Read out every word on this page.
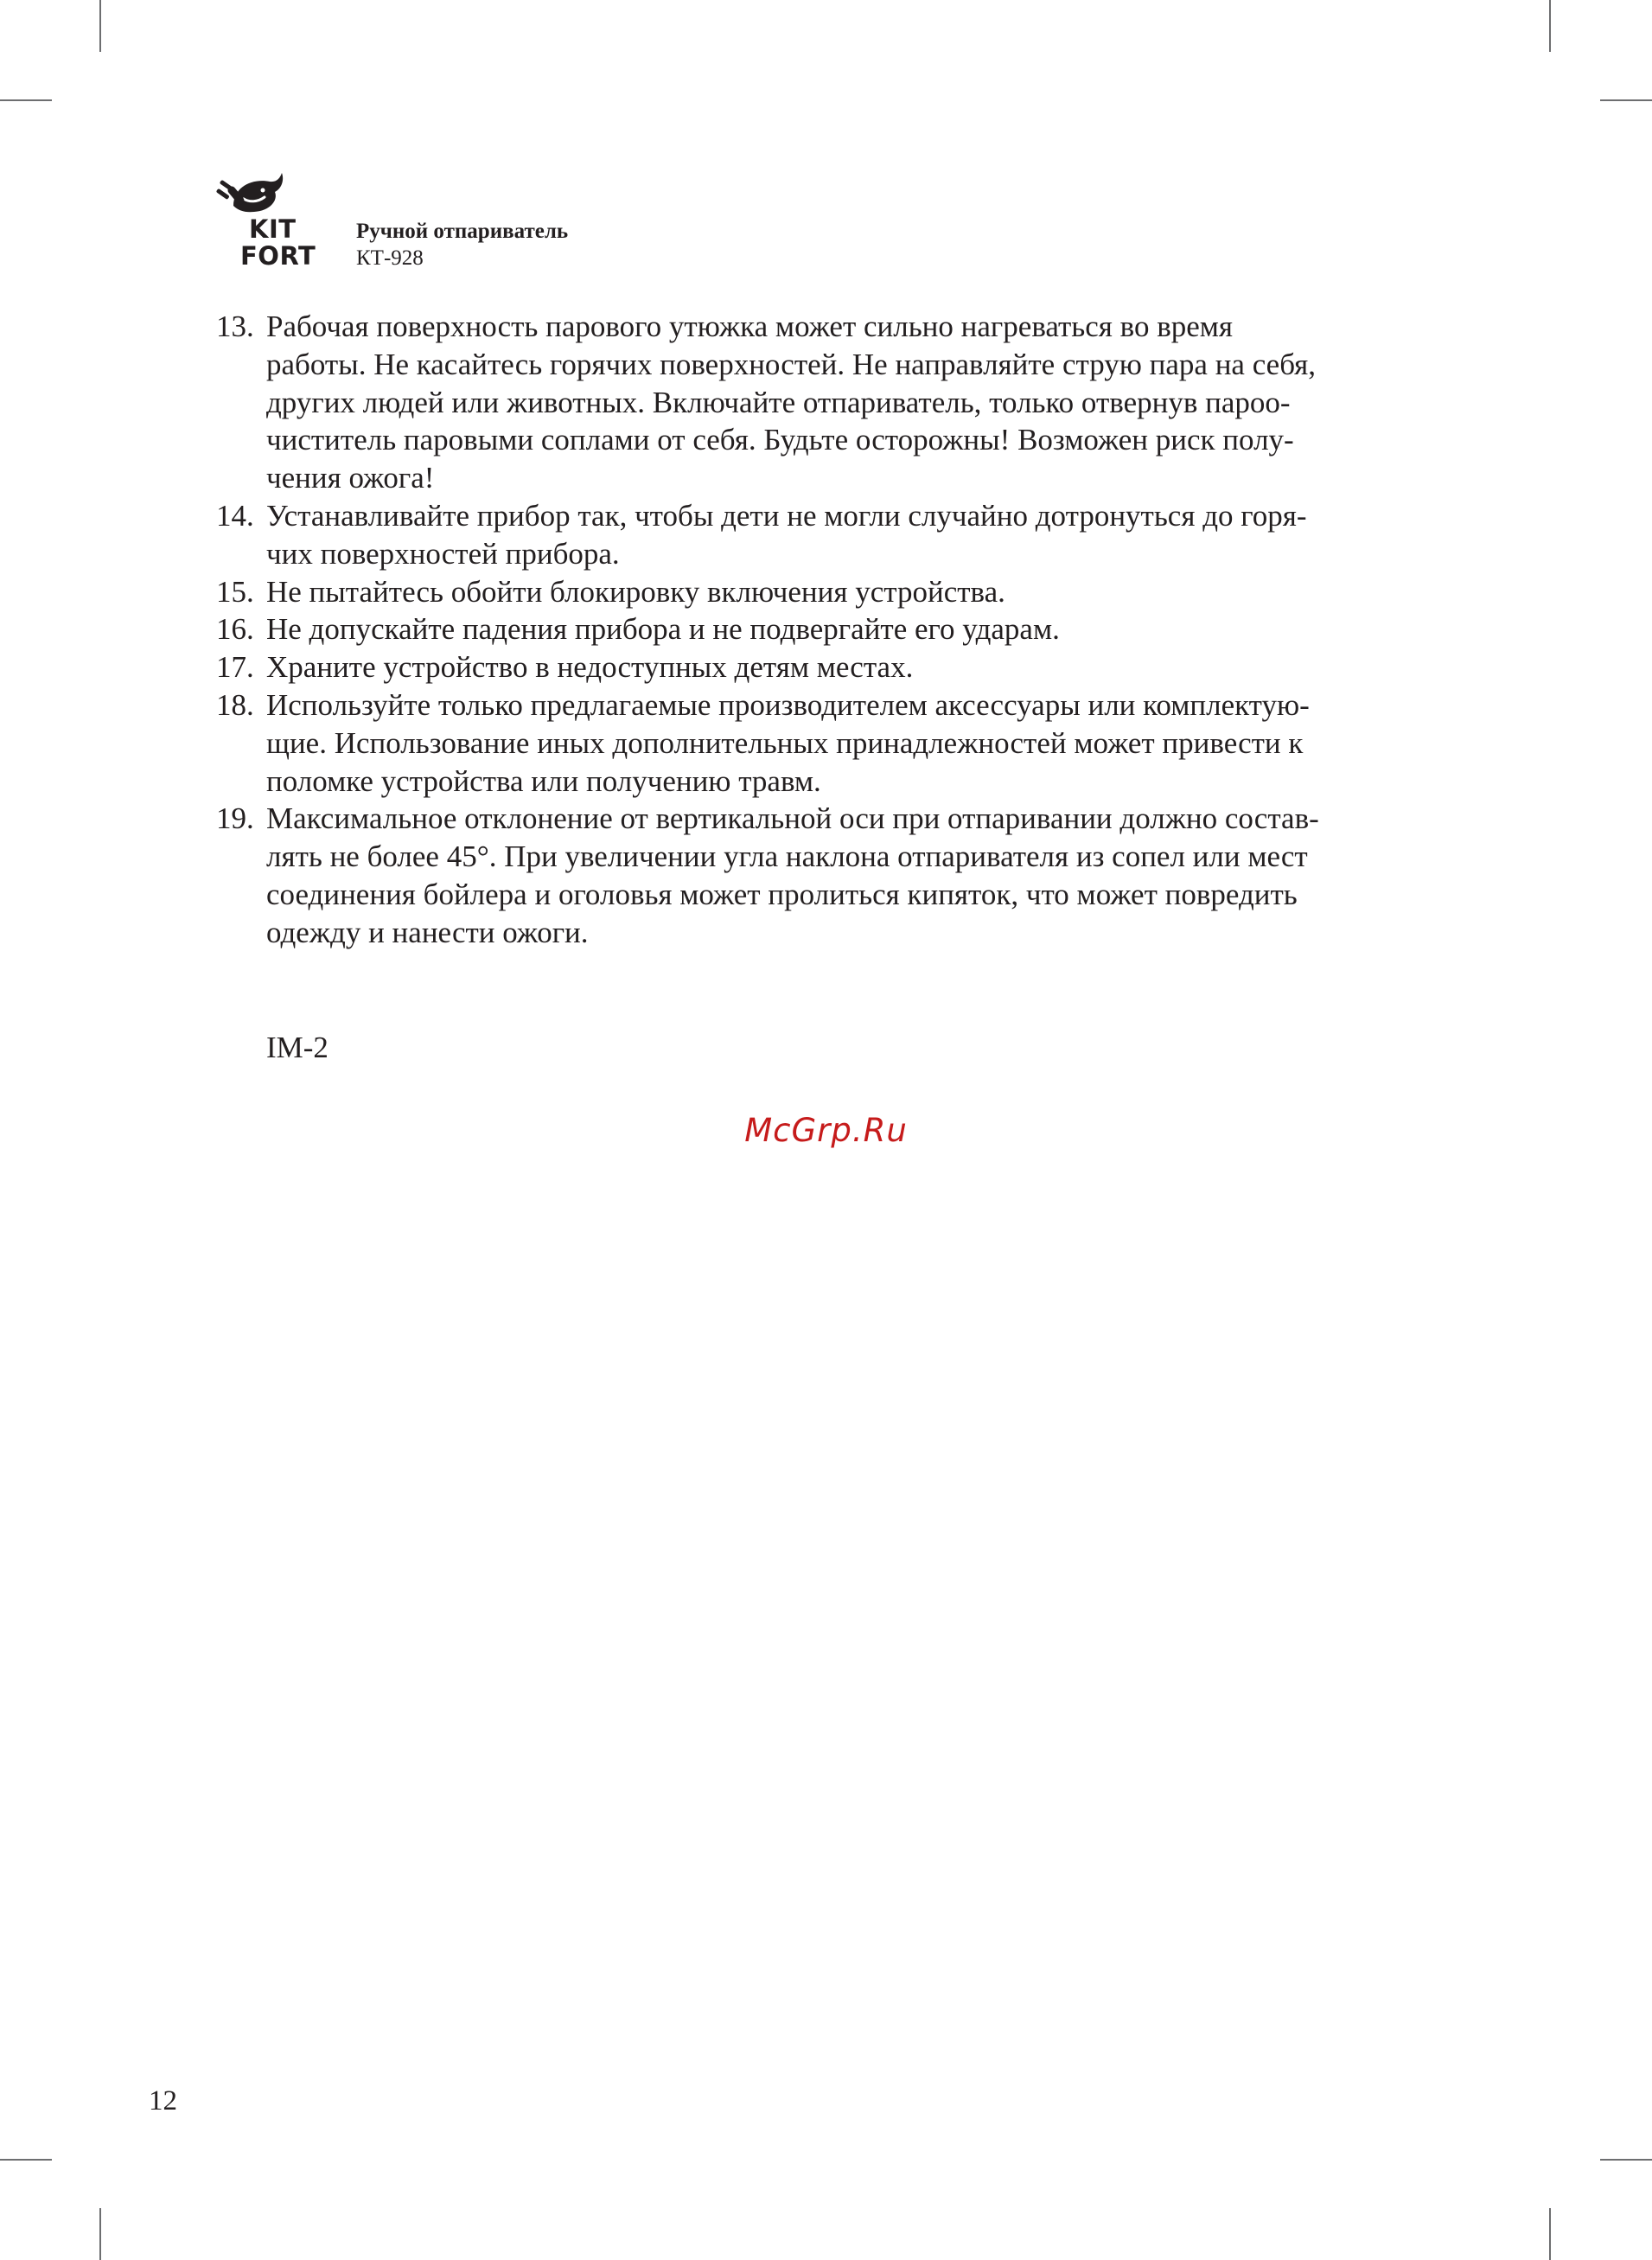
KIT
FORT
Ручной отпариватель
КТ-928
13. Рабочая поверхность парового утюжка может сильно нагреваться во время
работы. Не касайтесь горячих поверхностей. Не направляйте струю пара на себя,
других людей или животных. Включайте отпариватель, только отвернув пароо-
чиститель паровыми соплами от себя. Будьте осторожны! Возможен риск полу-
чения ожога!
14. Устанавливайте прибор так, чтобы дети не могли случайно дотронуться до горя-
чих поверхностей прибора.
15. Не пытайтесь обойти блокировку включения устройства.
16. Не допускайте падения прибора и не подвергайте его ударам.
17. Храните устройство в недоступных детям местах.
18. Используйте только предлагаемые производителем аксессуары или комплектую-
щие. Использование иных дополнительных принадлежностей может привести к
поломке устройства или получению травм.
19. Максимальное отклонение от вертикальной оси при отпаривании должно состав-
лять не более 45°. При увеличении угла наклона отпаривателя из сопел или мест
соединения бойлера и оголовья может пролиться кипяток, что может повредить
одежду и нанести ожоги.
IM-2
McGrp.Ru
12
